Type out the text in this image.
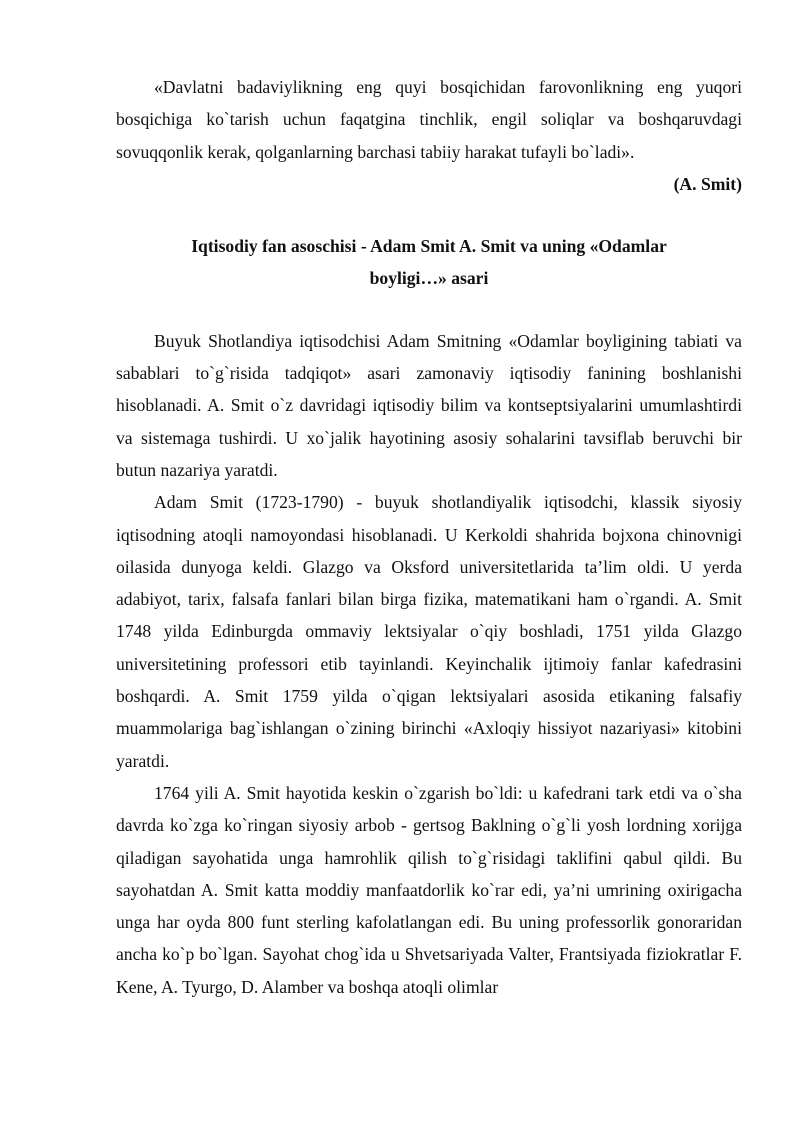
«Davlatni badaviylikning eng quyi bosqichidan farovonlikning eng yuqori bosqichiga ko`tarish uchun faqatgina tinchlik, engil soliqlar va boshqaruvdagi sovuqqonlik kerak, qolganlarning barchasi tabiiy harakat tufayli bo`ladi».

(A. Smit)
Iqtisodiy fan asoschisi - Adam Smit A. Smit va uning «Odamlar
boyligi…» asari

Buyuk Shotlandiya iqtisodchisi Adam Smitning «Odamlar boyligining tabiati va sabablari to`g`risida tadqiqot» asari zamonaviy iqtisodiy fanining boshlanishi hisoblanadi. A. Smit o`z davridagi iqtisodiy bilim va kontseptsiyalarini umumlashtirdi va sistemaga tushirdi. U xo`jalik hayotining asosiy sohalarini tavsiflab beruvchi bir butun nazariya yaratdi.

Adam Smit (1723-1790) - buyuk shotlandiyalik iqtisodchi, klassik siyosiy iqtisodning atoqli namoyondasi hisoblanadi. U Kerkoldi shahrida bojxona chinovnigi oilasida dunyoga keldi. Glazgo va Oksford universitetlarida ta’lim oldi. U yerda adabiyot, tarix, falsafa fanlari bilan birga fizika, matematikani ham o`rgandi. A. Smit 1748 yilda Edinburgda ommaviy lektsiyalar o`qiy boshladi, 1751 yilda Glazgo universitetining professori etib tayinlandi. Keyinchalik ijtimoiy fanlar kafedrasini boshqardi. A. Smit 1759 yilda o`qigan lektsiyalari asosida etikaning falsafiy muammolariga bag`ishlangan o`zining birinchi «Axloqiy hissiyot nazariyasi» kitobini yaratdi.

1764 yili A. Smit hayotida keskin o`zgarish bo`ldi: u kafedrani tark etdi va o`sha davrda ko`zga ko`ringan siyosiy arbob - gertsog Baklning o`g`li yosh lordning xorijga qiladigan sayohatida unga hamrohlik qilish to`g`risidagi taklifini qabul qildi. Bu sayohatdan A. Smit katta moddiy manfaatdorlik ko`rar edi, ya’ni umrining oxirigacha unga har oyda 800 funt sterling kafolatlangan edi. Bu uning professorlik gonoraridan ancha ko`p bo`lgan. Sayohat chog`ida u Shvetsariyada Valter, Frantsiyada fiziokratlar F. Kene, A. Tyurgo, D. Alamber va boshqa atoqli olimlar
